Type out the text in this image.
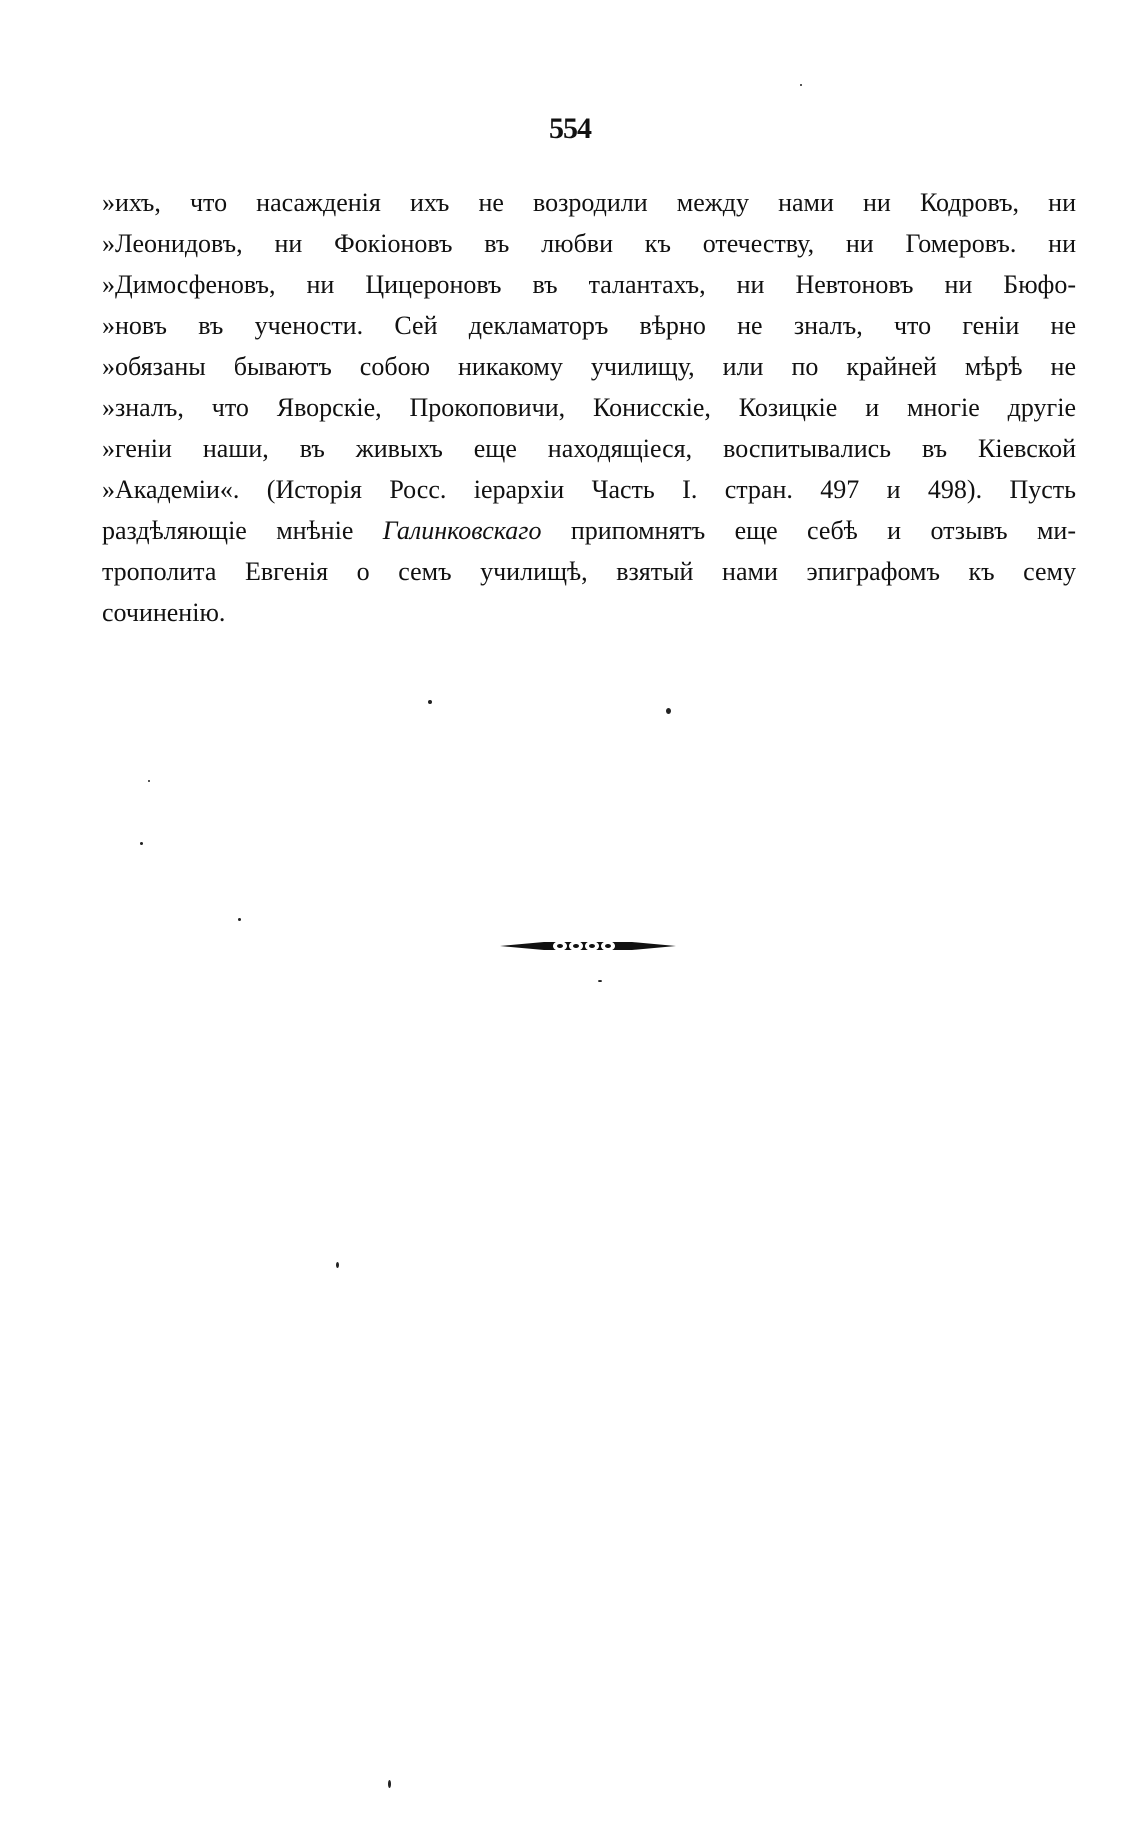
554
»ихъ, что насажденія ихъ не возродили между нами ни Кодровъ, ни
»Леонидовъ, ни Фокіоновъ въ любви къ отечеству, ни Гомеровъ. ни
»Димосфеновъ, ни Цицероновъ въ талантахъ, ни Невтоновъ ни Бюфо-
»новъ въ учености. Сей декламаторъ вѣрно не зналъ, что геніи не
»обязаны бываютъ собою никакому училищу, или по крайней мѣрѣ не
»зналъ, что Яворскіе, Прокоповичи, Конисскіе, Козицкіе и многіе другіе
»геніи наши, въ живыхъ еще находящіеся, воспитывались въ Кіевской
»Академіи«. (Исторія Росс. іерархіи Часть I. стран. 497 и 498). Пусть
раздѣляющіе мнѣніе Галинковскаго припомнятъ еще себѣ и отзывъ ми-
трополита Евгенія о семъ училищѣ, взятый нами эпиграфомъ къ сему
сочиненію.
